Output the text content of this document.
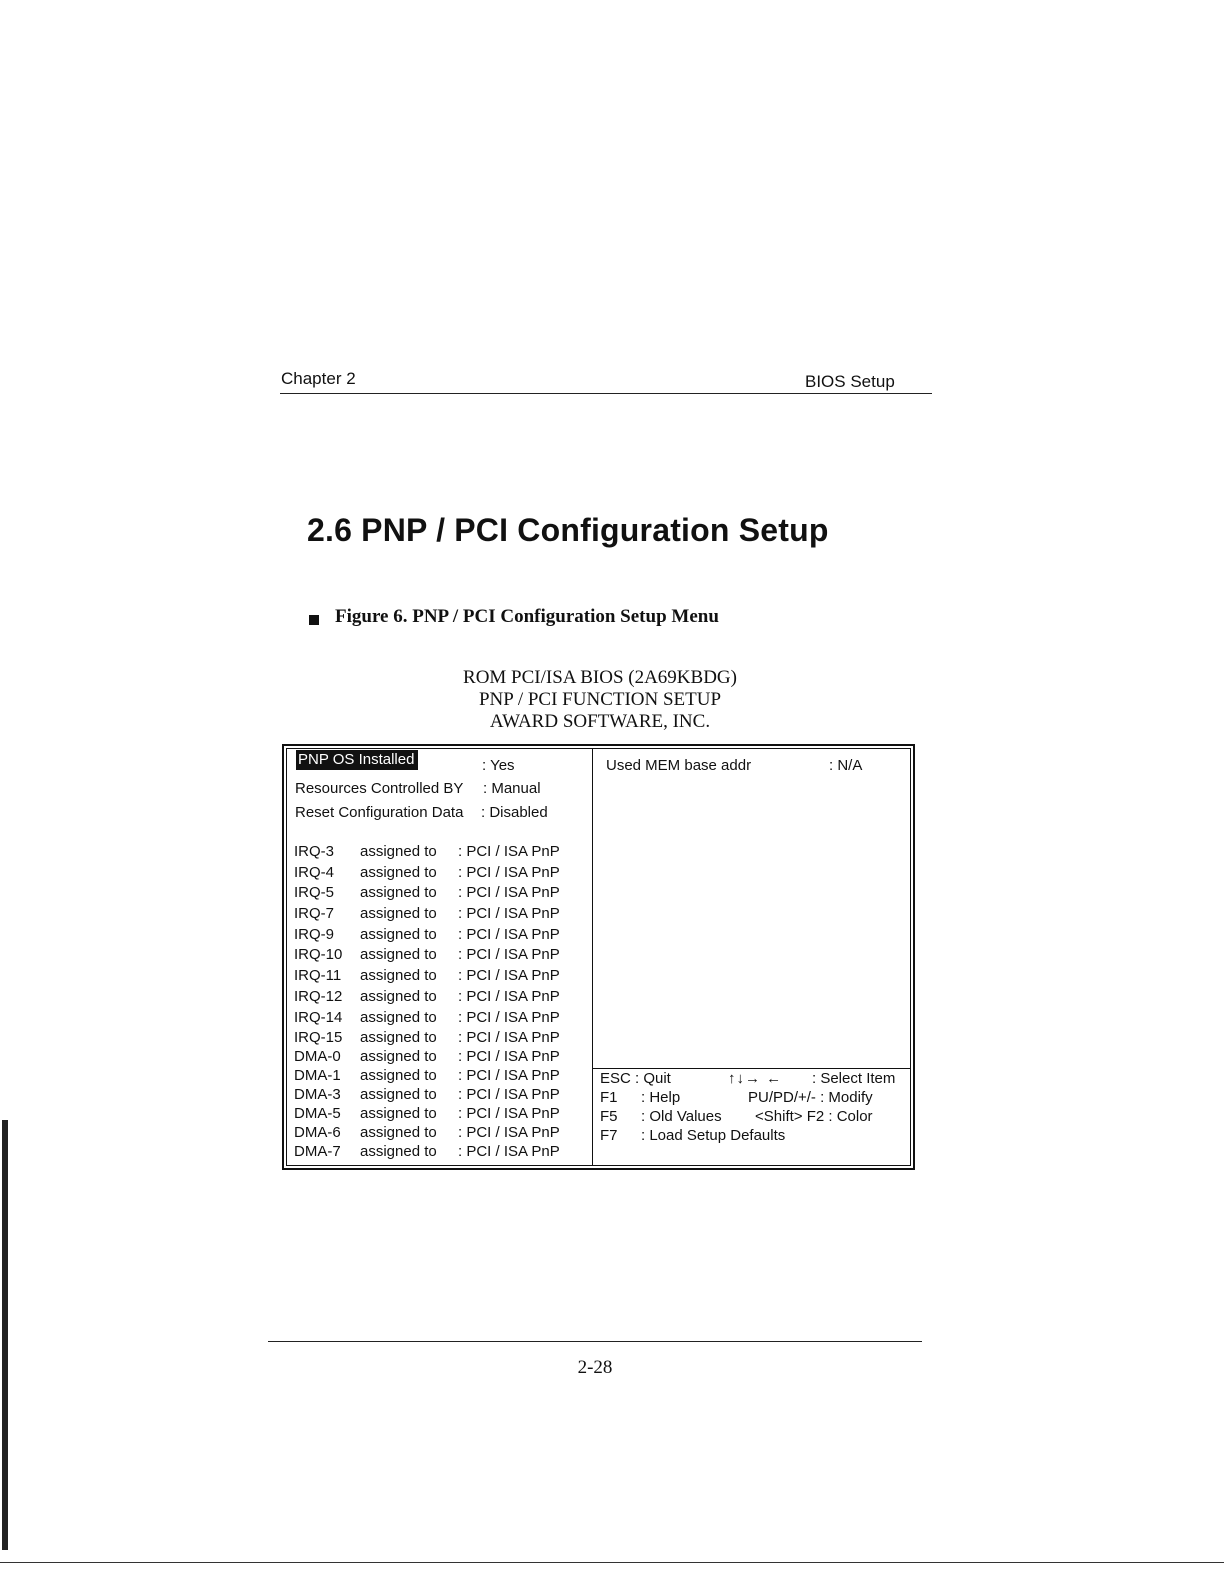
Chapter 2	BIOS Setup
2.6 PNP / PCI Configuration Setup
Figure 6. PNP / PCI Configuration Setup Menu
ROM PCI/ISA BIOS (2A69KBDG)
PNP / PCI FUNCTION SETUP
AWARD SOFTWARE, INC.
PNP OS Installed	: Yes
Resources Controlled BY : Manual
Reset Configuration Data : Disabled
IRQ-3 assigned to : PCI / ISA PnP
IRQ-4 assigned to : PCI / ISA PnP
IRQ-5 assigned to : PCI / ISA PnP
IRQ-7 assigned to : PCI / ISA PnP
IRQ-9 assigned to : PCI / ISA PnP
IRQ-10 assigned to : PCI / ISA PnP
IRQ-11 assigned to : PCI / ISA PnP
IRQ-12 assigned to : PCI / ISA PnP
IRQ-14 assigned to : PCI / ISA PnP
IRQ-15 assigned to : PCI / ISA PnP
DMA-0 assigned to : PCI / ISA PnP
DMA-1 assigned to : PCI / ISA PnP
DMA-3 assigned to : PCI / ISA PnP
DMA-5 assigned to : PCI / ISA PnP
DMA-6 assigned to : PCI / ISA PnP
DMA-7 assigned to : PCI / ISA PnP
Used MEM base addr	: N/A
ESC : Quit	↑↓→ ← : Select Item
F1 : Help	PU/PD/+/- : Modify
F5 : Old Values <Shift> F2 : Color
F7 : Load Setup Defaults
2-28
